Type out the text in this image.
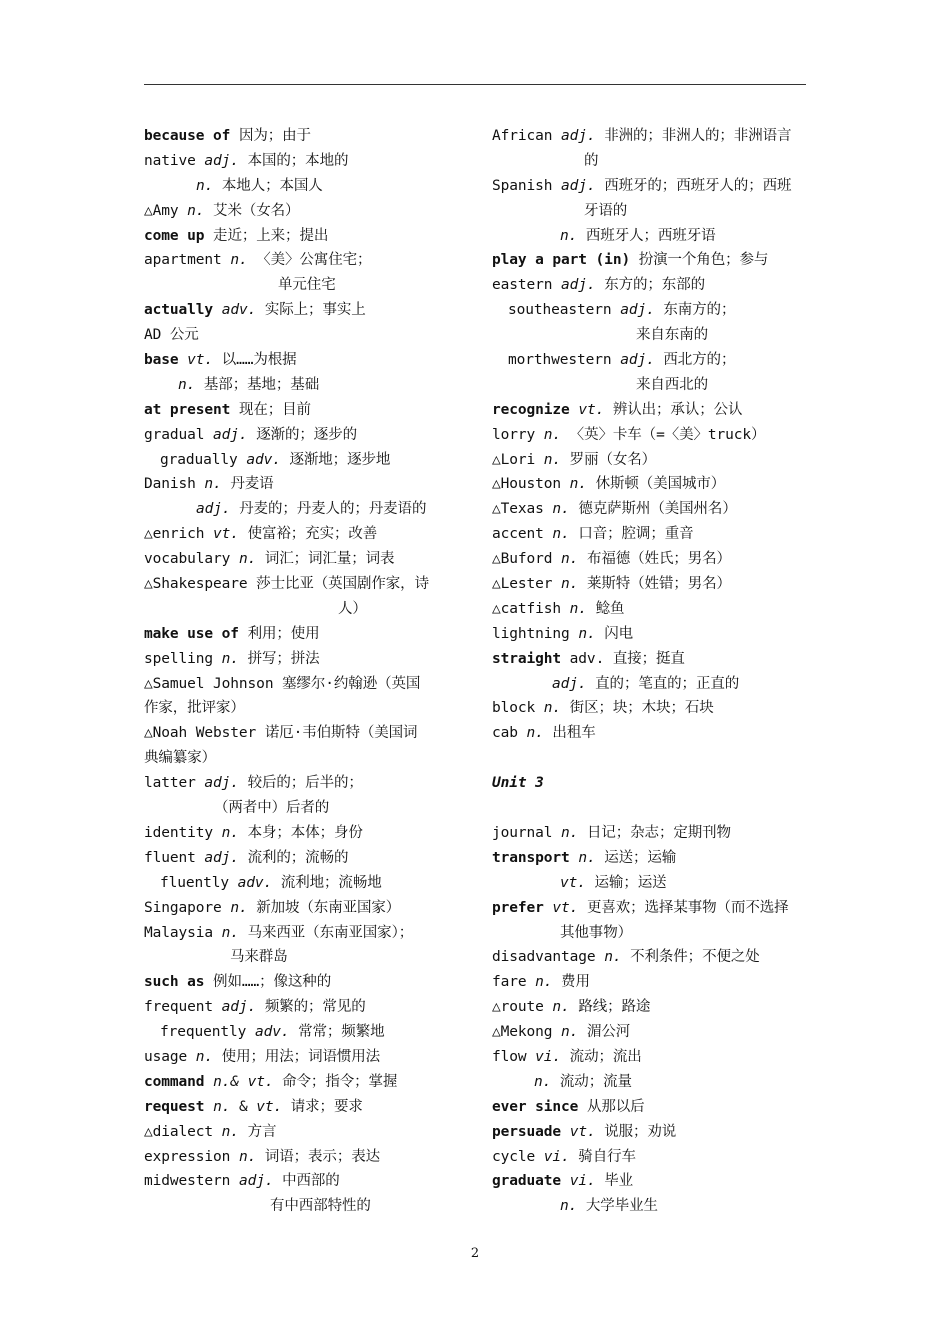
because of 因为；由于
native adj. 本国的；本地的
n. 本地人；本国人
△Amy n. 艾米（女名）
come up 走近；上来；提出
apartment n. 〈美〉公寓住宅；
单元住宅
actually adv. 实际上；事实上
AD 公元
base vt. 以……为根据
n. 基部；基地；基础
at present 现在；目前
gradual adj. 逐渐的；逐步的
gradually adv. 逐渐地；逐步地
Danish n. 丹麦语
adj. 丹麦的；丹麦人的；丹麦语的
△enrich vt. 使富裕；充实；改善
vocabulary n. 词汇；词汇量；词表
△Shakespeare 莎士比亚（英国剧作家，诗
人）
make use of 利用；使用
spelling n. 拼写；拼法
△Samuel Johnson 塞缪尔·约翰逊（英国
作家，批评家）
△Noah Webster 诺厄·韦伯斯特（美国词
典编纂家）
latter adj. 较后的；后半的；
（两者中）后者的
identity n. 本身；本体；身份
fluent adj. 流利的；流畅的
fluently adv. 流利地；流畅地
Singapore n. 新加坡（东南亚国家）
Malaysia n. 马来西亚（东南亚国家）；
马来群岛
such as 例如……；像这种的
frequent adj. 频繁的；常见的
frequently adv. 常常；频繁地
usage n. 使用；用法；词语惯用法
command n.& vt. 命令；指令；掌握
request n. & vt. 请求；要求
△dialect n. 方言
expression n. 词语；表示；表达
midwestern adj. 中西部的
有中西部特性的
African adj. 非洲的；非洲人的；非洲语言
的
Spanish adj. 西班牙的；西班牙人的；西班
牙语的
n. 西班牙人；西班牙语
play a part (in) 扮演一个角色；参与
eastern adj. 东方的；东部的
southeastern adj. 东南方的；
来自东南的
morthwestern adj. 西北方的；
来自西北的
recognize vt. 辨认出；承认；公认
lorry n. 〈英〉卡车（=〈美〉truck）
△Lori n. 罗丽（女名）
△Houston n. 休斯顿（美国城市）
△Texas n. 德克萨斯州（美国州名）
accent n. 口音；腔调；重音
△Buford n. 布福德（姓氏；男名）
△Lester n. 莱斯特（姓错；男名）
△catfish n. 鲶鱼
lightning n. 闪电
straight adv. 直接；挺直
adj. 直的；笔直的；正直的
block n. 街区；块；木块；石块
cab n. 出租车

Unit 3

journal n. 日记；杂志；定期刊物
transport n. 运送；运输
vt. 运输；运送
prefer vt. 更喜欢；选择某事物（而不选择
其他事物）
disadvantage n. 不利条件；不便之处
fare n. 费用
△route n. 路线；路途
△Mekong n. 湄公河
flow vi. 流动；流出
n. 流动；流量
ever since 从那以后
persuade vt. 说服；劝说
cycle vi. 骑自行车
graduate vi. 毕业
n. 大学毕业生
2
